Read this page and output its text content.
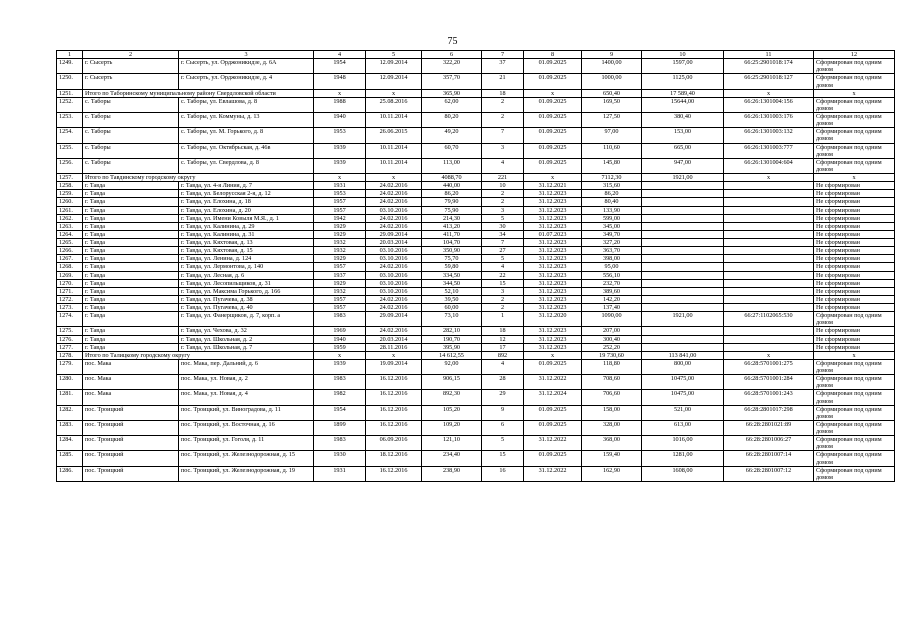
75
1	2	3	4	5	6	7	8	9	10	11	12
1249.	г. Сысерть	г. Сысерть, ул. Орджоникидзе, д. 6А	1954	12.09.2014	322,20	37	01.09.2025	1400,00	1597,00	66:25:2901018:174	Сформирован под одним домом
1250.	г. Сысерть	г. Сысерть, ул. Орджоникидзе, д. 4	1948	12.09.2014	357,70	21	01.09.2025	1000,00	1125,00	66:25:2901018:127	Сформирован под одним домом
1251.	Итого по Таборинскому муниципальному району Свердловской области		x	x	365,90	18	x	650,40	17 589,40	x	x
1252.	с. Таборы	с. Таборы, ул. Евлашова, д. 8	1988	25.08.2016	62,00	2	01.09.2025	169,50	15644,00	66:26:1301004:156	Сформирован под одним домом
1253.	с. Таборы	с. Таборы, ул. Коммуны, д. 13	1940	10.11.2014	80,20	2	01.09.2025	127,50	380,40	66:26:1301003:176	Сформирован под одним домом
1254.	с. Таборы	с. Таборы, ул. М. Горького, д. 8	1953	26.06.2015	49,20	7	01.09.2025	97,00	153,00	66:26:1301003:132	Сформирован под одним домом
1255.	с. Таборы	с. Таборы, ул. Октябрьская, д. 46в	1939	10.11.2014	60,70	3	01.09.2025	110,60	665,00	66:26:1301003:777	Сформирован под одним домом
1256.	с. Таборы	с. Таборы, ул. Свердлова, д. 8	1939	10.11.2014	113,00	4	01.09.2025	145,80	947,00	66:26:1301004:604	Сформирован под одним домом
1257.	Итого по Тавдинскому городскому округу		x	x	4088,70	221	x	7112,30	1921,00	x	x
1258.	г. Тавда	г. Тавда, ул. 4-я Линия, д. 7	1931	24.02.2016	440,00	10	31.12.2021	315,60			Не сформирован
1259.	г. Тавда	г. Тавда, ул. Белорусская 2-я, д. 12	1953	24.02.2016	86,20	2	31.12.2023	86,20			Не сформирован
1260.	г. Тавда	г. Тавда, ул. Елохина, д. 18	1957	24.02.2016	79,90	2	31.12.2023	80,40			Не сформирован
1261.	г. Тавда	г. Тавда, ул. Елохина, д. 20	1957	03.10.2016	75,90	3	31.12.2023	133,90			Не сформирован
1262.	г. Тавда	г. Тавда, ул. Имени Ковыля М.Я., д. 1	1942	24.02.2016	214,30	5	31.12.2023	599,00			Не сформирован
1263.	г. Тавда	г. Тавда, ул. Калинина, д. 29	1929	24.02.2016	413,20	30	31.12.2023	345,00			Не сформирован
1264.	г. Тавда	г. Тавда, ул. Калинина, д. 31	1929	29.09.2014	411,70	34	01.07.2023	349,70			Не сформирован
1265.	г. Тавда	г. Тавда, ул. Кяхтовая, д. 13	1932	20.03.2014	104,70	7	31.12.2023	327,20			Не сформирован
1266.	г. Тавда	г. Тавда, ул. Кяхтовая, д. 15	1932	03.10.2016	350,90	27	31.12.2023	363,70			Не сформирован
1267.	г. Тавда	г. Тавда, ул. Ленина, д. 124	1929	03.10.2016	75,70	5	31.12.2023	398,00			Не сформирован
1268.	г. Тавда	г. Тавда, ул. Лермонтова, д. 140	1957	24.02.2016	59,80	4	31.12.2023	95,00			Не сформирован
1269.	г. Тавда	г. Тавда, ул. Лесная, д. 6	1937	03.10.2016	334,50	22	31.12.2023	556,10			Не сформирован
1270.	г. Тавда	г. Тавда, ул. Лесопильщиков, д. 31	1929	03.10.2016	344,50	15	31.12.2023	232,70			Не сформирован
1271.	г. Тавда	г. Тавда, ул. Максима Горького, д. 166	1932	03.10.2016	52,10	3	31.12.2023	389,60			Не сформирован
1272.	г. Тавда	г. Тавда, ул. Пугачева, д. 38	1957	24.02.2016	39,50	2	31.12.2023	142,20			Не сформирован
1273.	г. Тавда	г. Тавда, ул. Пугачева, д. 40	1957	24.02.2016	60,00	2	31.12.2023	137,40			Не сформирован
1274.	г. Тавда	г. Тавда, ул. Фанерщиков, д. 7, корп. а	1983	29.09.2014	73,10	1	31.12.2020	1090,00	1921,00	66:27:1102065:530	Сформирован под одним домом
1275.	г. Тавда	г. Тавда, ул. Чехова, д. 32	1969	24.02.2016	282,10	18	31.12.2023	207,00			Не сформирован
1276.	г. Тавда	г. Тавда, ул. Школьная, д. 2	1940	20.03.2014	190,70	12	31.12.2023	300,40			Не сформирован
1277.	г. Тавда	г. Тавда, ул. Школьная, д. 7	1959	28.11.2016	395,90	17	31.12.2023	252,20			Не сформирован
1278.	Итого по Талицкому городскому округу		x	x	14 612,55	892	x	19 730,60	113 841,00	x	x
1279.	пос. Мака	пос. Мака, пер. Дальний, д. 6	1939	19.09.2014	92,00	4	01.09.2025	118,80	800,00	66:28:5701001:275	Сформирован под одним домом
1280.	пос. Мака	пос. Мака, ул. Новая, д. 2	1983	16.12.2016	906,15	28	31.12.2022	708,60	10475,00	66:28:5701001:284	Сформирован под одним домом
1281.	пос. Мака	пос. Мака, ул. Новая, д. 4	1982	16.12.2016	892,30	29	31.12.2024	706,60	10475,00	66:28:5701001:243	Сформирован под одним домом
1282.	пос. Троицкий	пос. Троицкий, ул. Виноградова, д. 11	1954	16.12.2016	105,20	9	01.09.2025	158,00	521,00	66:28:2801017:298	Сформирован под одним домом
1283.	пос. Троицкий	пос. Троицкий, ул. Восточная, д. 16	1899	16.12.2016	109,20	6	01.09.2025	328,00	613,00	66:28:2801021:89	Сформирован под одним домом
1284.	пос. Троицкий	пос. Троицкий, ул. Гоголя, д. 11	1983	06.09.2016	121,10	5	31.12.2022	368,00	1016,00	66:28:2801006:27	Сформирован под одним домом
1285.	пос. Троицкий	пос. Троицкий, ул. Железнодорожная, д. 15	1930	18.12.2016	234,40	15	01.09.2025	159,40	1281,00	66:28:2801007:14	Сформирован под одним домом
1286.	пос. Троицкий	пос. Троицкий, ул. Железнодорожная, д. 19	1931	16.12.2016	238,90	16	31.12.2022	162,90	1608,00	66:28:2801007:12	Сформирован под одним домом
